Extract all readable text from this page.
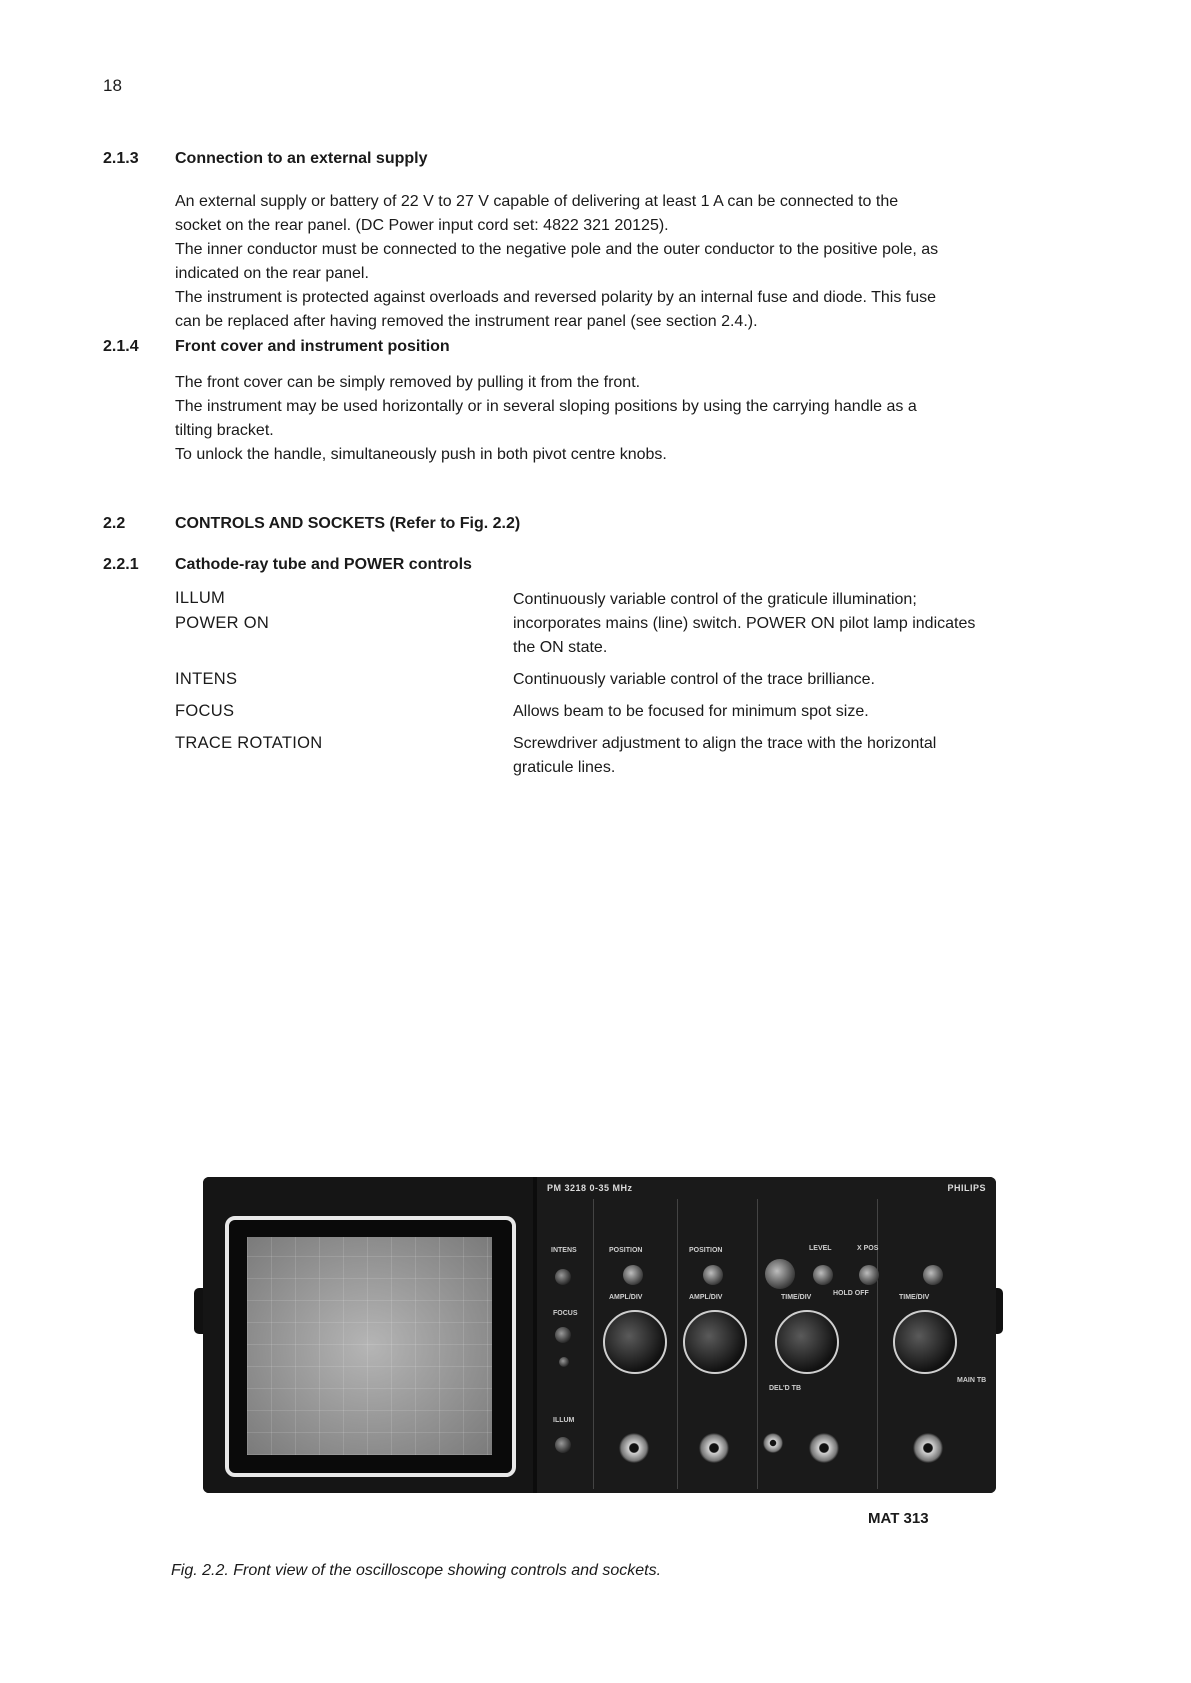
18
2.1.3 Connection to an external supply
An external supply or battery of 22 V to 27 V capable of delivering at least 1 A can be connected to the
socket on the rear panel. (DC Power input cord set: 4822 321 20125).
The inner conductor must be connected to the negative pole and the outer conductor to the positive pole, as
indicated on the rear panel.
The instrument is protected against overloads and reversed polarity by an internal fuse and diode. This fuse
can be replaced after having removed the instrument rear panel (see section 2.4.).
2.1.4 Front cover and instrument position
The front cover can be simply removed by pulling it from the front.
The instrument may be used horizontally or in several sloping positions by using the carrying handle as a
tilting bracket.
To unlock the handle, simultaneously push in both pivot centre knobs.
2.2	CONTROLS AND SOCKETS (Refer to Fig. 2.2)
2.2.1 Cathode-ray tube and POWER controls
ILLUM	Continuously variable control of the graticule illumination;
POWER ON	incorporates mains (line) switch. POWER ON pilot lamp indicates
the ON state.
INTENS	Continuously variable control of the trace brilliance.
FOCUS	Allows beam to be focused for minimum spot size.
TRACE ROTATION	Screwdriver adjustment to align the trace with the horizontal
graticule lines.
PM 3218 0-35 MHz	PHILIPS
INTENS
FOCUS
ILLUM
POSITION
AMPL/DIV
POSITION
AMPL/DIV
LEVEL
TIME/DIV
DEL'D TB
X POS
HOLD OFF
TIME/DIV
MAIN TB
MAT 313
Fig. 2.2. Front view of the oscilloscope showing controls and sockets.
